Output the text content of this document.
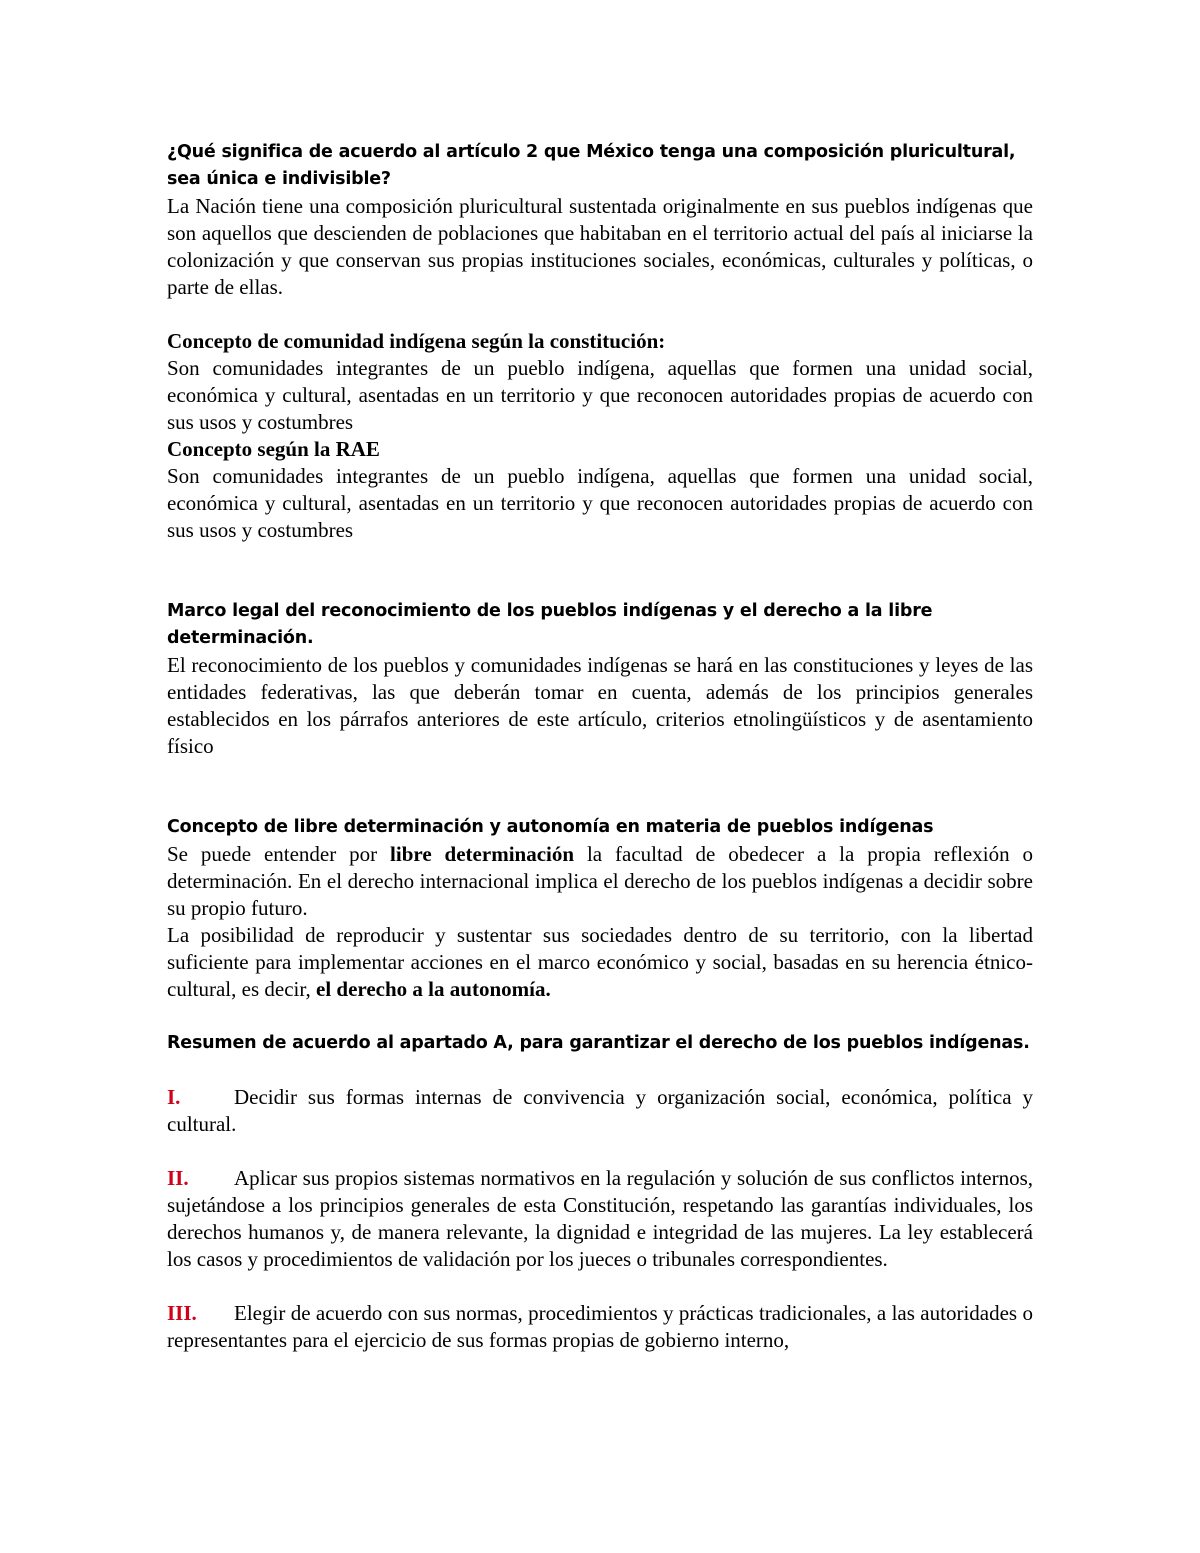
¿Qué significa de acuerdo al artículo 2 que México tenga una composición pluricultural, sea única e indivisible?
La Nación tiene una composición pluricultural sustentada originalmente en sus pueblos indígenas que son aquellos que descienden de poblaciones que habitaban en el territorio actual del país al iniciarse la colonización y que conservan sus propias instituciones sociales, económicas, culturales y políticas, o parte de ellas.
Concepto de comunidad indígena según la constitución:
Son comunidades integrantes de un pueblo indígena, aquellas que formen una unidad social, económica y cultural, asentadas en un territorio y que reconocen autoridades propias de acuerdo con sus usos y costumbres
Concepto según la RAE
Son comunidades integrantes de un pueblo indígena, aquellas que formen una unidad social, económica y cultural, asentadas en un territorio y que reconocen autoridades propias de acuerdo con sus usos y costumbres
Marco legal del reconocimiento de los pueblos indígenas y el derecho a la libre determinación.
El reconocimiento de los pueblos y comunidades indígenas se hará en las constituciones y leyes de las entidades federativas, las que deberán tomar en cuenta, además de los principios generales establecidos en los párrafos anteriores de este artículo, criterios etnolingüísticos y de asentamiento físico
Concepto de libre determinación y autonomía en materia de pueblos indígenas
Se puede entender por libre determinación la facultad de obedecer a la propia reflexión o determinación. En el derecho internacional implica el derecho de los pueblos indígenas a decidir sobre su propio futuro.
La posibilidad de reproducir y sustentar sus sociedades dentro de su territorio, con la libertad suficiente para implementar acciones en el marco económico y social, basadas en su herencia étnico-cultural, es decir, el derecho a la autonomía.
Resumen de acuerdo al apartado A, para garantizar el derecho de los pueblos indígenas.
I.	Decidir sus formas internas de convivencia y organización social, económica, política y cultural.
II. Aplicar sus propios sistemas normativos en la regulación y solución de sus conflictos internos, sujetándose a los principios generales de esta Constitución, respetando las garantías individuales, los derechos humanos y, de manera relevante, la dignidad e integridad de las mujeres. La ley establecerá los casos y procedimientos de validación por los jueces o tribunales correspondientes.
III. Elegir de acuerdo con sus normas, procedimientos y prácticas tradicionales, a las autoridades o representantes para el ejercicio de sus formas propias de gobierno interno,
